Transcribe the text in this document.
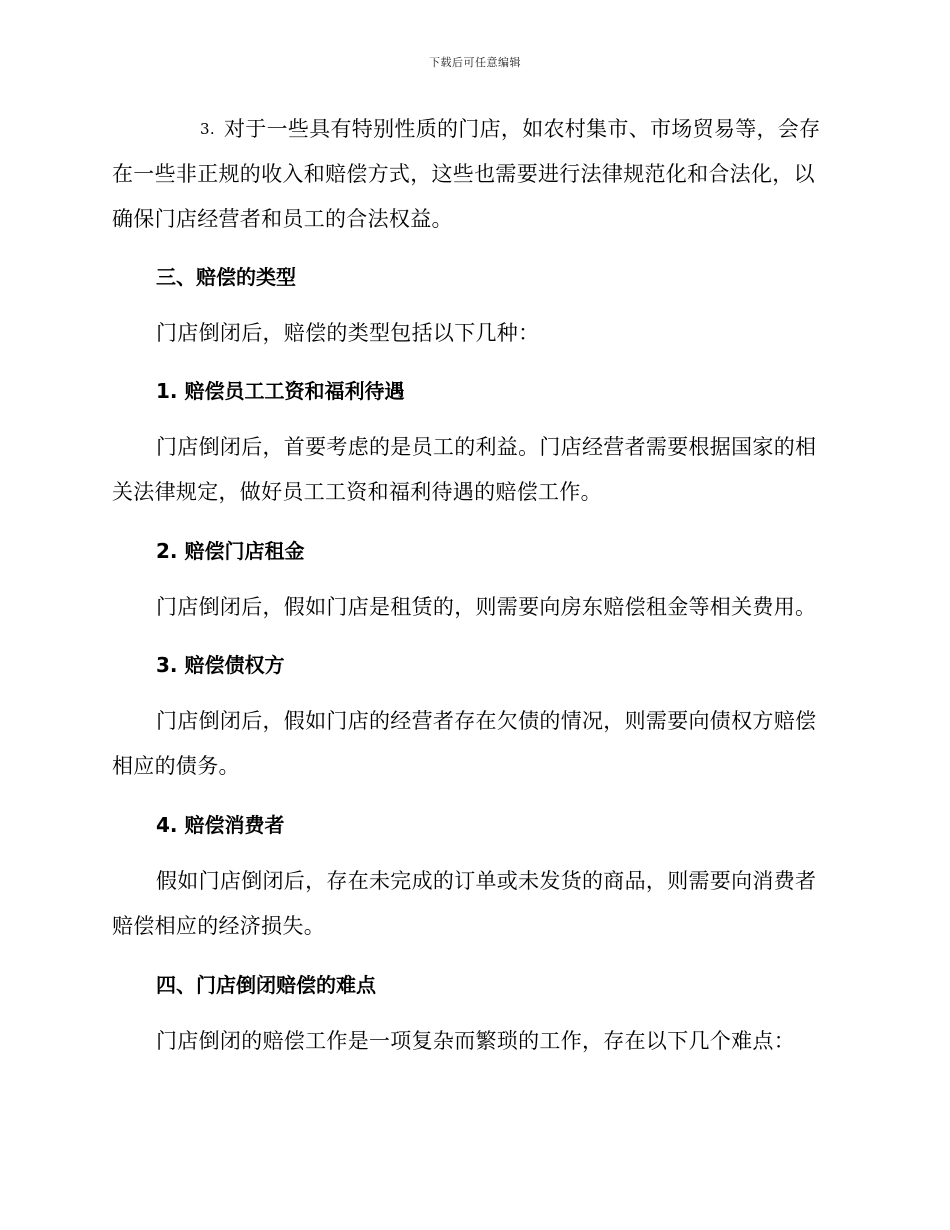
下载后可任意编辑
3. 对于一些具有特别性质的门店，如农村集市、市场贸易等，会存在一些非正规的收入和赔偿方式，这些也需要进行法律规范化和合法化，以确保门店经营者和员工的合法权益。
三、赔偿的类型
门店倒闭后，赔偿的类型包括以下几种：
1. 赔偿员工工资和福利待遇
门店倒闭后，首要考虑的是员工的利益。门店经营者需要根据国家的相关法律规定，做好员工工资和福利待遇的赔偿工作。
2. 赔偿门店租金
门店倒闭后，假如门店是租赁的，则需要向房东赔偿租金等相关费用。
3. 赔偿债权方
门店倒闭后，假如门店的经营者存在欠债的情况，则需要向债权方赔偿相应的债务。
4. 赔偿消费者
假如门店倒闭后，存在未完成的订单或未发货的商品，则需要向消费者赔偿相应的经济损失。
四、门店倒闭赔偿的难点
门店倒闭的赔偿工作是一项复杂而繁琐的工作，存在以下几个难点：
